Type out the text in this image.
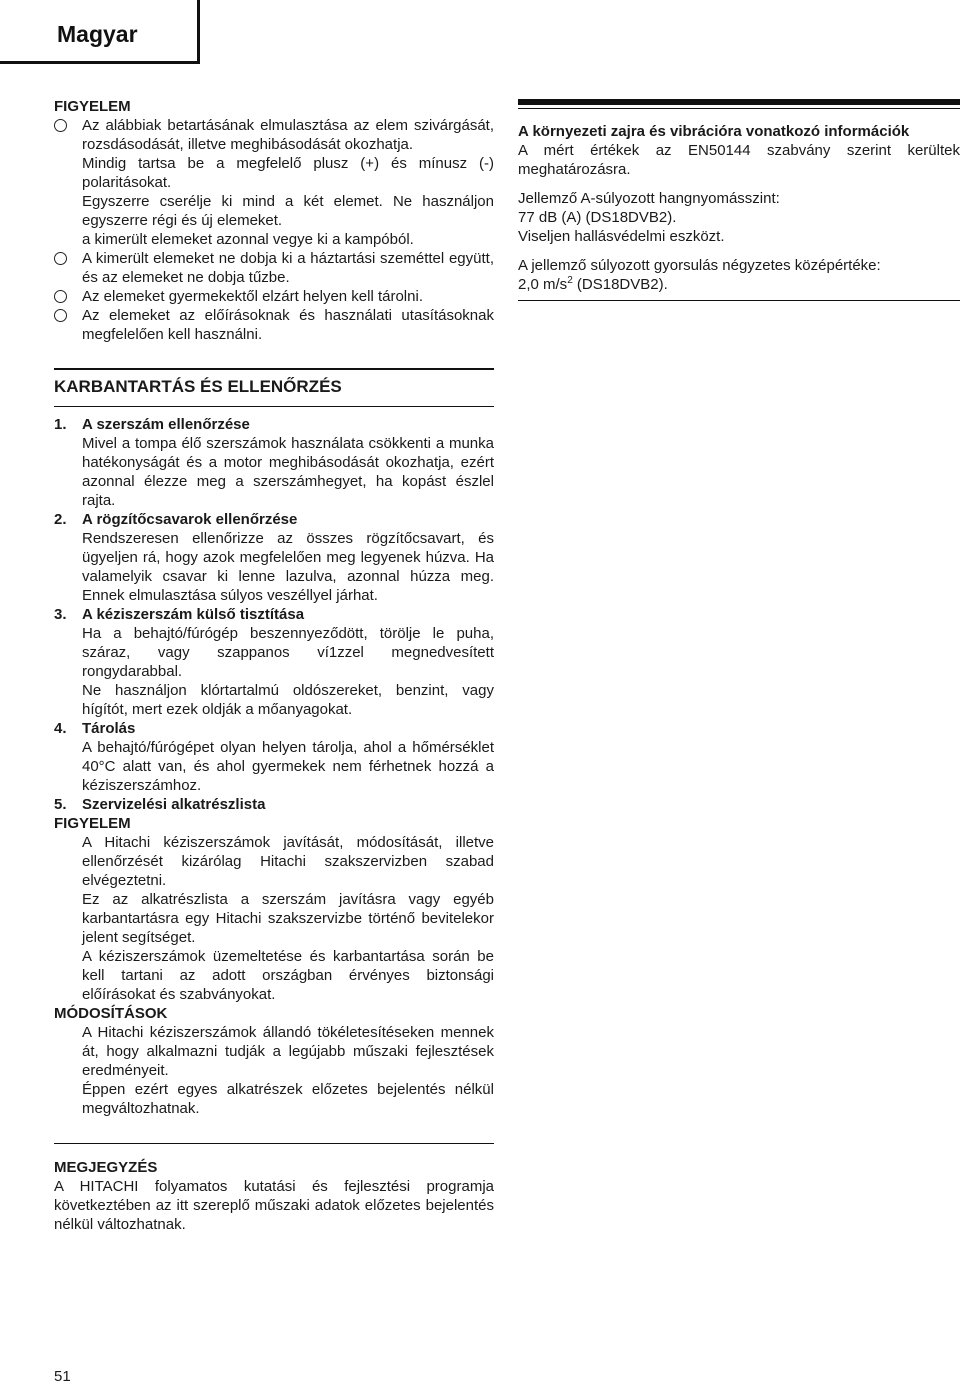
Magyar
FIGYELEM
Az alábbiak betartásának elmulasztása az elem szivárgását, rozsdásodását, illetve meghibásodását okozhatja.
Mindig tartsa be a megfelelő plusz (+) és mínusz (-) polaritásokat.
Egyszerre cserélje ki mind a két elemet. Ne használjon egyszerre régi és új elemeket.
a kimerült elemeket azonnal vegye ki a kampóból.
A kimerült elemeket ne dobja ki a háztartási szeméttel együtt, és az elemeket ne dobja tűzbe.
Az elemeket gyermekektől elzárt helyen kell tárolni.
Az elemeket az előírásoknak és használati utasításoknak megfelelően kell használni.
KARBANTARTÁS ÉS ELLENŐRZÉS
1. A szerszám ellenőrzése
Mivel a tompa élő szerszámok használata csökkenti a munka hatékonyságát és a motor meghibásodását okozhatja, ezért azonnal élezze meg a szerszámhegyet, ha kopást észlel rajta.
2. A rögzítőcsavarok ellenőrzése
Rendszeresen ellenőrizze az összes rögzítőcsavart, és ügyeljen rá, hogy azok megfelelően meg legyenek húzva. Ha valamelyik csavar ki lenne lazulva, azonnal húzza meg. Ennek elmulasztása súlyos veszéllyel járhat.
3. A kéziszerszám külső tisztítása
Ha a behajtó/fúrógép beszennyeződött, törölje le puha, száraz, vagy szappanos ví1zzel megnedvesített rongydarabbal.
Ne használjon klórtartalmú oldószereket, benzint, vagy hígítót, mert ezek oldják a mőanyagokat.
4. Tárolás
A behajtó/fúrógépet olyan helyen tárolja, ahol a hőmérséklet 40°C alatt van, és ahol gyermekek nem férhetnek hozzá a kéziszerszámhoz.
5. Szervizelési alkatrészlista
FIGYELEM
A Hitachi kéziszerszámok javítását, módosítását, illetve ellenőrzését kizárólag Hitachi szakszervizben szabad elvégeztetni.
Ez az alkatrészlista a szerszám javításra vagy egyéb karbantartásra egy Hitachi szakszervizbe történő bevitelekor jelent segítséget.
A kéziszerszámok üzemeltetése és karbantartása során be kell tartani az adott országban érvényes biztonsági előírásokat és szabványokat.
MÓDOSÍTÁSOK
A Hitachi kéziszerszámok állandó tökéletesítéseken mennek át, hogy alkalmazni tudják a legújabb műszaki fejlesztések eredményeit.
Éppen ezért egyes alkatrészek előzetes bejelentés nélkül megváltozhatnak.
A környezeti zajra és vibrációra vonatkozó információk
A mért értékek az EN50144 szabvány szerint kerültek meghatározásra.
Jellemző A-súlyozott hangnyomásszint:
77 dB (A) (DS18DVB2).
Viseljen hallásvédelmi eszközt.
A jellemző súlyozott gyorsulás négyzetes középértéke:
2,0 $m/s^2$ (DS18DVB2).
MEGJEGYZÉS
A HITACHI folyamatos kutatási és fejlesztési programja következtében az itt szereplő műszaki adatok előzetes bejelentés nélkül változhatnak.
51
